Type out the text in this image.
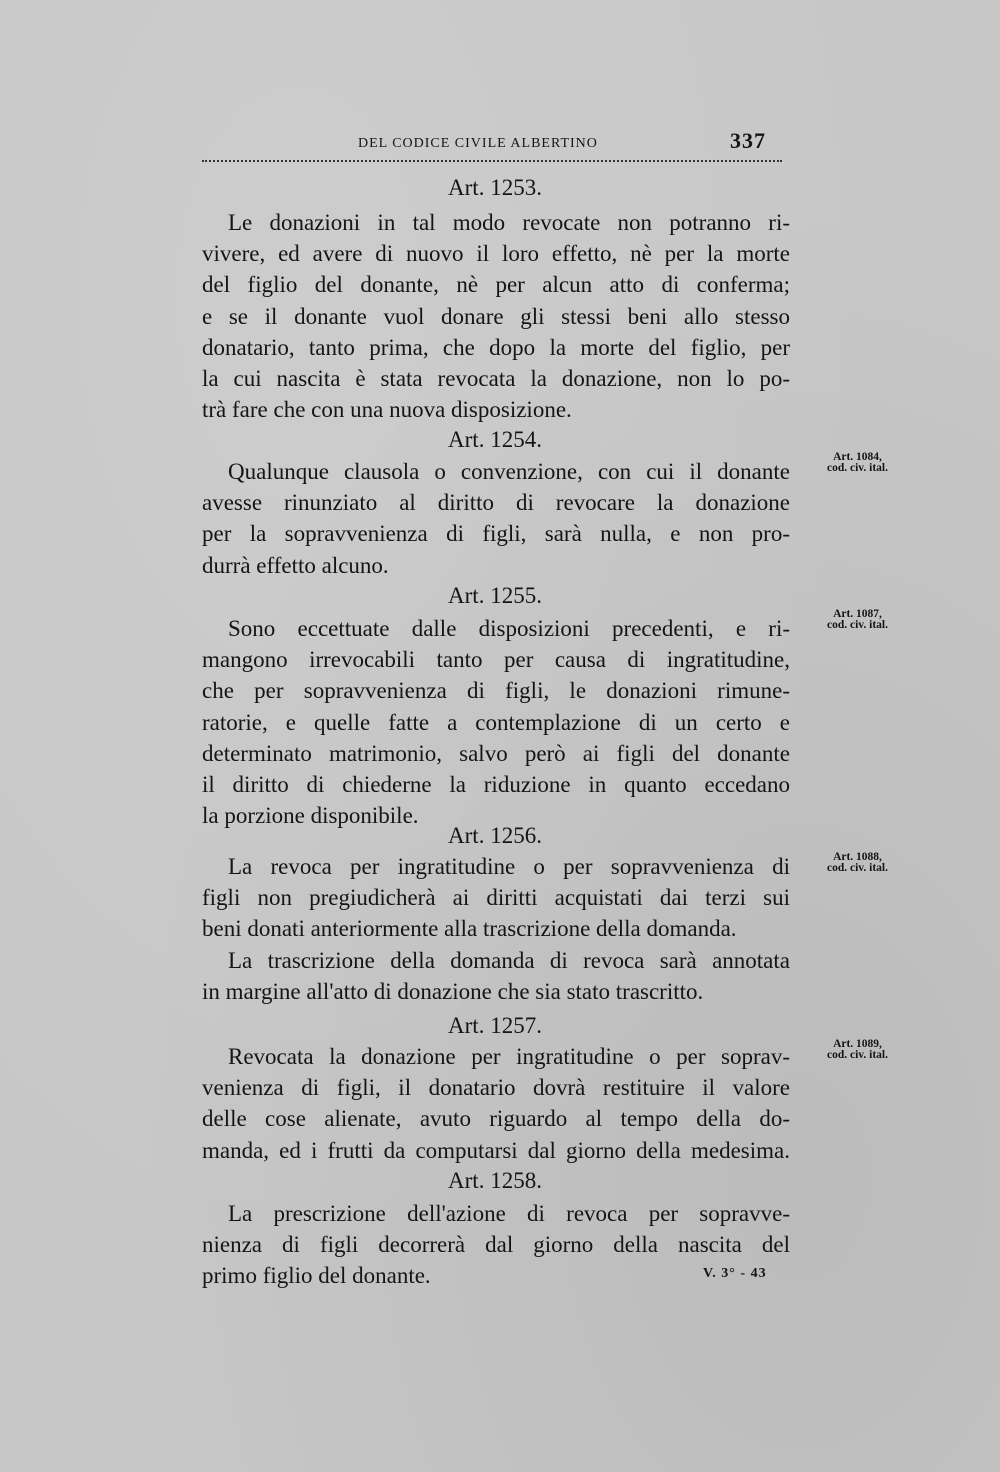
DEL CODICE CIVILE ALBERTINO	337
Art. 1253.
Le donazioni in tal modo revocate non potranno ri-
vivere, ed avere di nuovo il loro effetto, nè per la morte
del figlio del donante, nè per alcun atto di conferma;
e se il donante vuol donare gli stessi beni allo stesso
donatario, tanto prima, che dopo la morte del figlio, per
la cui nascita è stata revocata la donazione, non lo po-
trà fare che con una nuova disposizione.
Art. 1254.
Art. 1084,
cod. civ. ital.
Qualunque clausola o convenzione, con cui il donante
avesse rinunziato al diritto di revocare la donazione
per la sopravvenienza di figli, sarà nulla, e non pro-
durrà effetto alcuno.
Art. 1255.
Art. 1087,
cod. civ. ital.
Sono eccettuate dalle disposizioni precedenti, e ri-
mangono irrevocabili tanto per causa di ingratitudine,
che per sopravvenienza di figli, le donazioni rimune-
ratorie, e quelle fatte a contemplazione di un certo e
determinato matrimonio, salvo però ai figli del donante
il diritto di chiederne la riduzione in quanto eccedano
la porzione disponibile.
Art. 1256.
Art. 1088,
cod. civ. ital.
La revoca per ingratitudine o per sopravvenienza di
figli non pregiudicherà ai diritti acquistati dai terzi sui
beni donati anteriormente alla trascrizione della domanda.
La trascrizione della domanda di revoca sarà annotata
in margine all'atto di donazione che sia stato trascritto.
Art. 1257.
Art. 1089,
cod. civ. ital.
Revocata la donazione per ingratitudine o per soprav-
venienza di figli, il donatario dovrà restituire il valore
delle cose alienate, avuto riguardo al tempo della do-
manda, ed i frutti da computarsi dal giorno della medesima.
Art. 1258.
La prescrizione dell'azione di revoca per sopravve-
nienza di figli decorrerà dal giorno della nascita del
primo figlio del donante.	V. 3° - 43
